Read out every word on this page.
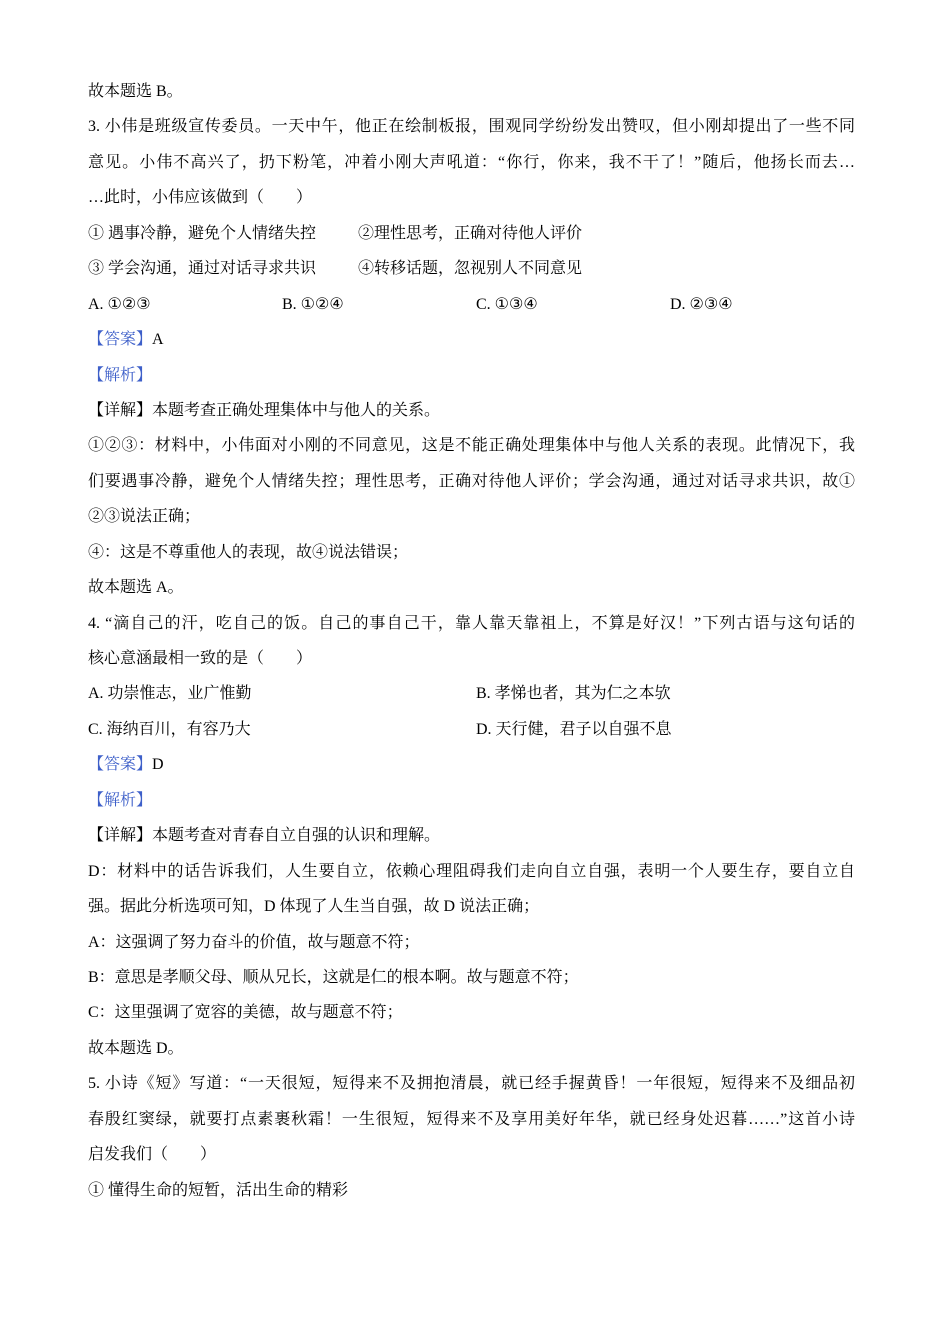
故本题选 B。
3. 小伟是班级宣传委员。一天中午，他正在绘制板报，围观同学纷纷发出赞叹，但小刚却提出了一些不同
意见。小伟不高兴了，扔下粉笔，冲着小刚大声吼道：“你行，你来，我不干了！”随后，他扬长而去…
…此时，小伟应该做到（　　）
① 遇事冷静，避免个人情绪失控	②理性思考，正确对待他人评价
③ 学会沟通，通过对话寻求共识	④转移话题，忽视别人不同意见
A. ①②③	B. ①②④	C. ①③④	D. ②③④
【答案】A
【解析】
【详解】本题考查正确处理集体中与他人的关系。
①②③：材料中，小伟面对小刚的不同意见，这是不能正确处理集体中与他人关系的表现。此情况下，我
们要遇事冷静，避免个人情绪失控；理性思考，正确对待他人评价；学会沟通，通过对话寻求共识，故①
②③说法正确；
④：这是不尊重他人的表现，故④说法错误；
故本题选 A。
4. “滴自己的汗，吃自己的饭。自己的事自己干，靠人靠天靠祖上，不算是好汉！”下列古语与这句话的
核心意涵最相一致的是（　　）
A. 功崇惟志，业广惟勤	B. 孝悌也者，其为仁之本欤
C. 海纳百川，有容乃大	D. 天行健，君子以自强不息
【答案】D
【解析】
【详解】本题考查对青春自立自强的认识和理解。
D：材料中的话告诉我们，人生要自立，依赖心理阻碍我们走向自立自强，表明一个人要生存，要自立自
强。据此分析选项可知，D 体现了人生当自强，故 D 说法正确；
A：这强调了努力奋斗的价值，故与题意不符；
B：意思是孝顺父母、顺从兄长，这就是仁的根本啊。故与题意不符；
C：这里强调了宽容的美德，故与题意不符；
故本题选 D。
5. 小诗《短》写道：“一天很短，短得来不及拥抱清晨，就已经手握黄昏！一年很短，短得来不及细品初
春殷红窦绿，就要打点素裹秋霜！一生很短，短得来不及享用美好年华，就已经身处迟暮……”这首小诗
启发我们（　　）
① 懂得生命的短暂，活出生命的精彩
